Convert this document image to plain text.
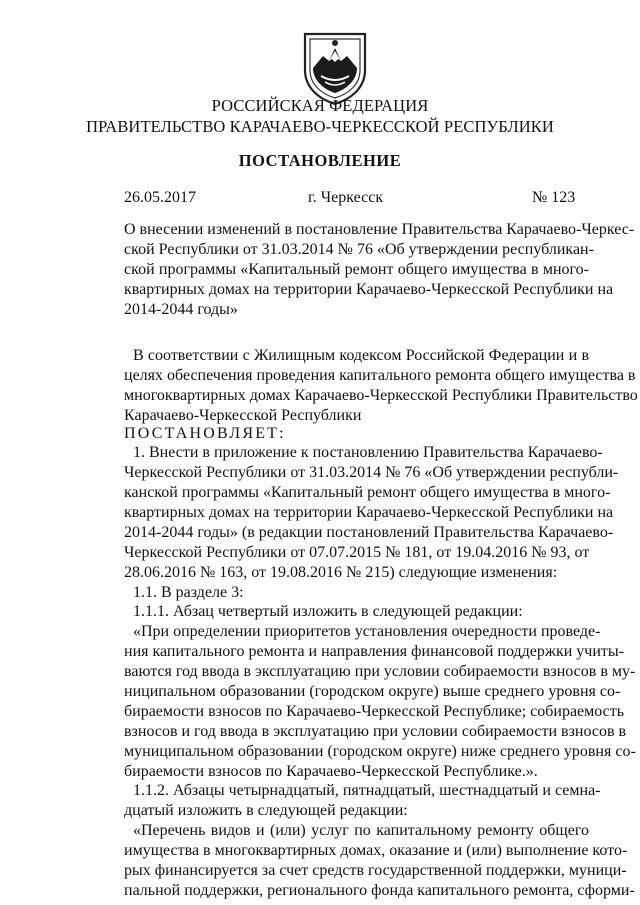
РОССИЙСКАЯ ФЕДЕРАЦИЯ
ПРАВИТЕЛЬСТВО КАРАЧАЕВО-ЧЕРКЕССКОЙ РЕСПУБЛИКИ
ПОСТАНОВЛЕНИЕ
26.05.2017	г. Черкесск	№ 123
О внесении изменений в постановление Правительства Карачаево-Черкес-
ской Республики от 31.03.2014 № 76 «Об утверждении республикан-
ской программы «Капитальный ремонт общего имущества в много-
квартирных домах на территории Карачаево-Черкесской Республики на
2014-2044 годы»
В соответствии с Жилищным кодексом Российской Федерации и в
целях обеспечения проведения капитального ремонта общего имущества в
многоквартирных домах Карачаево-Черкесской Республики Правительство
Карачаево-Черкесской Республики
ПОСТАНОВЛЯЕТ:
1. Внести в приложение к постановлению Правительства Карачаево-
Черкесской Республики от 31.03.2014 № 76 «Об утверждении республи-
канской программы «Капитальный ремонт общего имущества в много-
квартирных домах на территории Карачаево-Черкесской Республики на
2014-2044 годы» (в редакции постановлений Правительства Карачаево-
Черкесской Республики от 07.07.2015 № 181, от 19.04.2016 № 93, от
28.06.2016 № 163, от 19.08.2016 № 215) следующие изменения:
1.1. В разделе 3:
1.1.1. Абзац четвертый изложить в следующей редакции:
«При определении приоритетов установления очередности проведе-
ния капитального ремонта и направления финансовой поддержки учиты-
ваются год ввода в эксплуатацию при условии собираемости взносов в му-
ниципальном образовании (городском округе) выше среднего уровня со-
бираемости взносов по Карачаево-Черкесской Республике; собираемость
взносов и год ввода в эксплуатацию при условии собираемости взносов в
муниципальном образовании (городском округе) ниже среднего уровня со-
бираемости взносов по Карачаево-Черкесской Республике.».
1.1.2. Абзацы четырнадцатый, пятнадцатый, шестнадцатый и семна-
дцатый изложить в следующей редакции:
«Перечень видов и (или) услуг по капитальному ремонту общего
имущества в многоквартирных домах, оказание и (или) выполнение кото-
рых финансируется за счет средств государственной поддержки, муници-
пальной поддержки, регионального фонда капитального ремонта, сформи-
